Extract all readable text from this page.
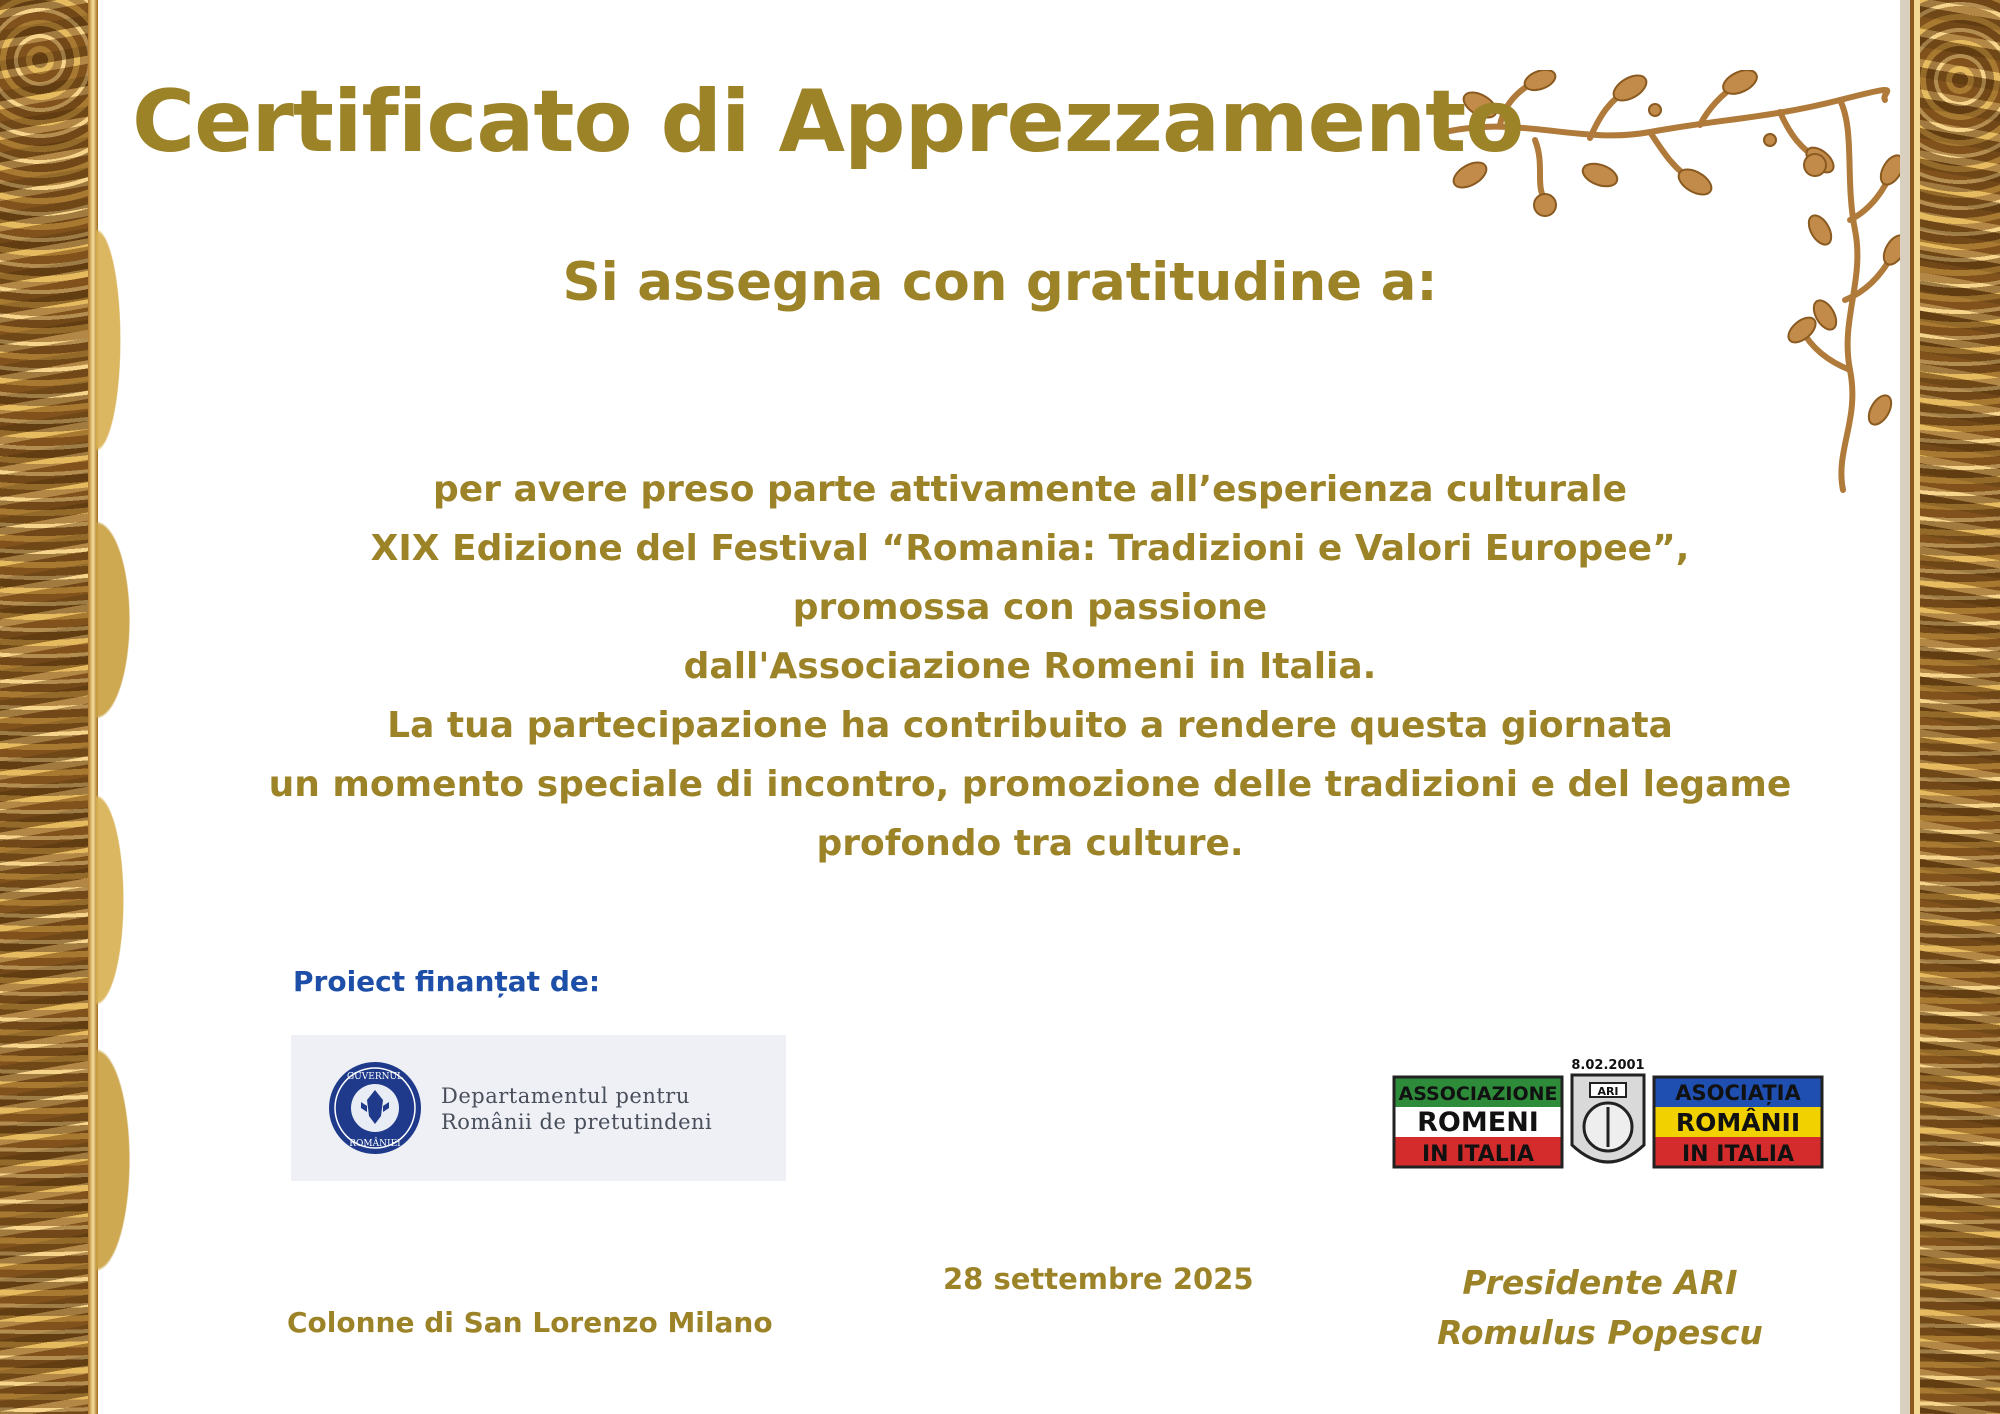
Certificato di Apprezzamento
Si assegna con gratitudine a:
per avere preso parte attivamente all’esperienza culturale
XIX Edizione del Festival “Romania: Tradizioni e Valori Europee”,
promossa con passione
dall'Associazione Romeni in Italia.
La tua partecipazione ha contribuito a rendere questa giornata
un momento speciale di incontro, promozione delle tradizioni e del legame
profondo tra culture.
Proiect finanțat de:
GUVERNUL
ROMÂNIEI
Departamentul pentru
Românii de pretutindeni
ASSOCIAZIONE
ROMENI
IN ITALIA
8.02.2001
ARI	ASOCIAȚIA
ROMÂNII
IN ITALIA
Colonne di San Lorenzo Milano
28 settembre 2025	Presidente ARI
Romulus Popescu
